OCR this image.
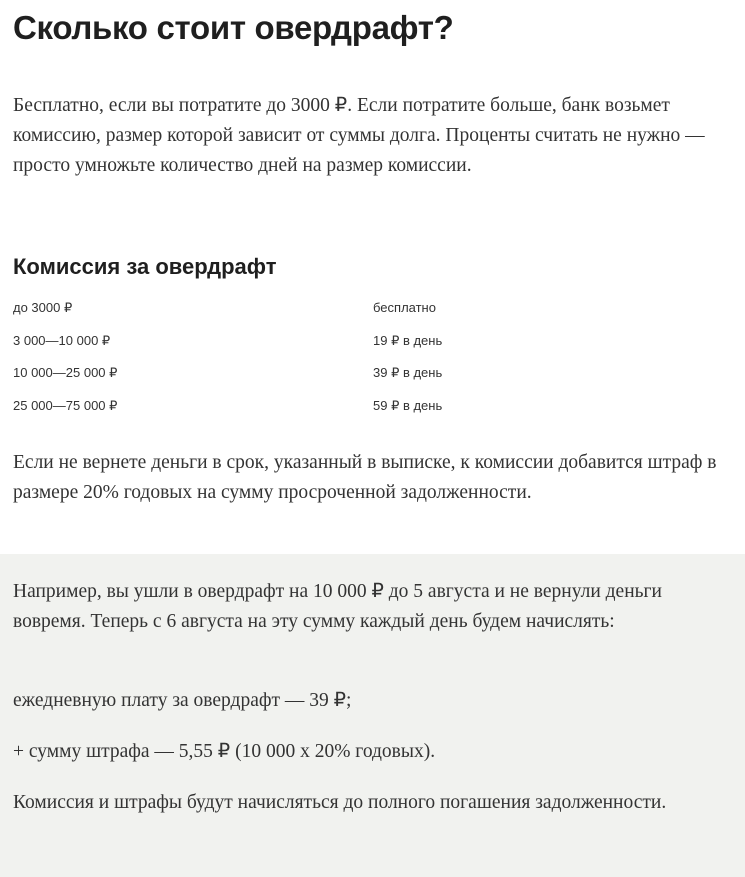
Сколько стоит овердрафт?

Бесплатно, если вы потратите до 3000 ₽. Если потратите больше, банк возьмет комиссию, размер которой зависит от суммы долга. Проценты считать не нужно — просто умножьте количество дней на размер комиссии.

Комиссия за овердрафт
до 3000 ₽	бесплатно
3 000—10 000 ₽	19 ₽ в день
10 000—25 000 ₽	39 ₽ в день
25 000—75 000 ₽	59 ₽ в день

Если не вернете деньги в срок, указанный в выписке, к комиссии добавится штраф в размере 20% годовых на сумму просроченной задолженности.

Например, вы ушли в овердрафт на 10 000 ₽ до 5 августа и не вернули деньги вовремя. Теперь с 6 августа на эту сумму каждый день будем начислять:

ежедневную плату за овердрафт — 39 ₽;

+ сумму штрафа — 5,55 ₽ (10 000 х 20% годовых).

Комиссия и штрафы будут начисляться до полного погашения задолженности.
